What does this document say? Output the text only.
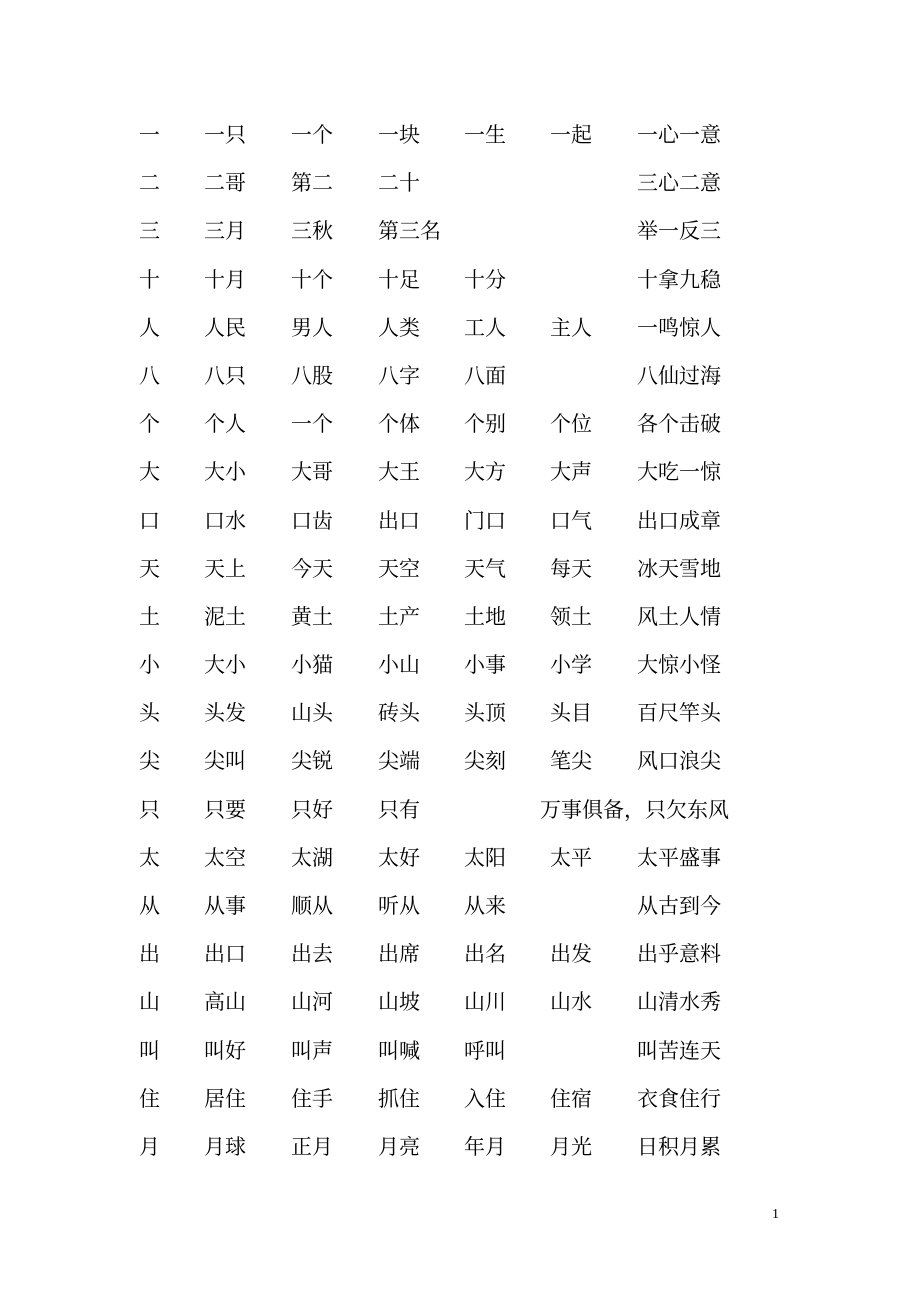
一 一只 一个 一块 一生 一起 一心一意
二 二哥 第二 二十	三心二意
三 三月 三秋 第三名	举一反三
十 十月 十个 十足 十分	十拿九稳
人 人民 男人 人类 工人 主人 一鸣惊人
八 八只 八股 八字 八面	八仙过海
个 个人 一个 个体 个别 个位 各个击破
大 大小 大哥 大王 大方 大声 大吃一惊
口 口水 口齿 出口 门口 口气 出口成章
天 天上 今天 天空 天气 每天 冰天雪地
土 泥土 黄土 土产 土地 领土 风土人情
小 大小 小猫 小山 小事 小学 大惊小怪
头 头发 山头 砖头 头顶 头目 百尺竿头
尖 尖叫 尖锐 尖端 尖刻 笔尖 风口浪尖
只 只要 只好 只有	万事俱备，只欠东风
太 太空 太湖 太好 太阳 太平 太平盛事
从 从事 顺从 听从 从来	从古到今
出 出口 出去 出席 出名 出发 出乎意料
山 高山 山河 山坡 山川 山水 山清水秀
叫 叫好 叫声 叫喊 呼叫	叫苦连天
住 居住 住手 抓住 入住 住宿 衣食住行
月 月球 正月 月亮 年月 月光 日积月累
1
